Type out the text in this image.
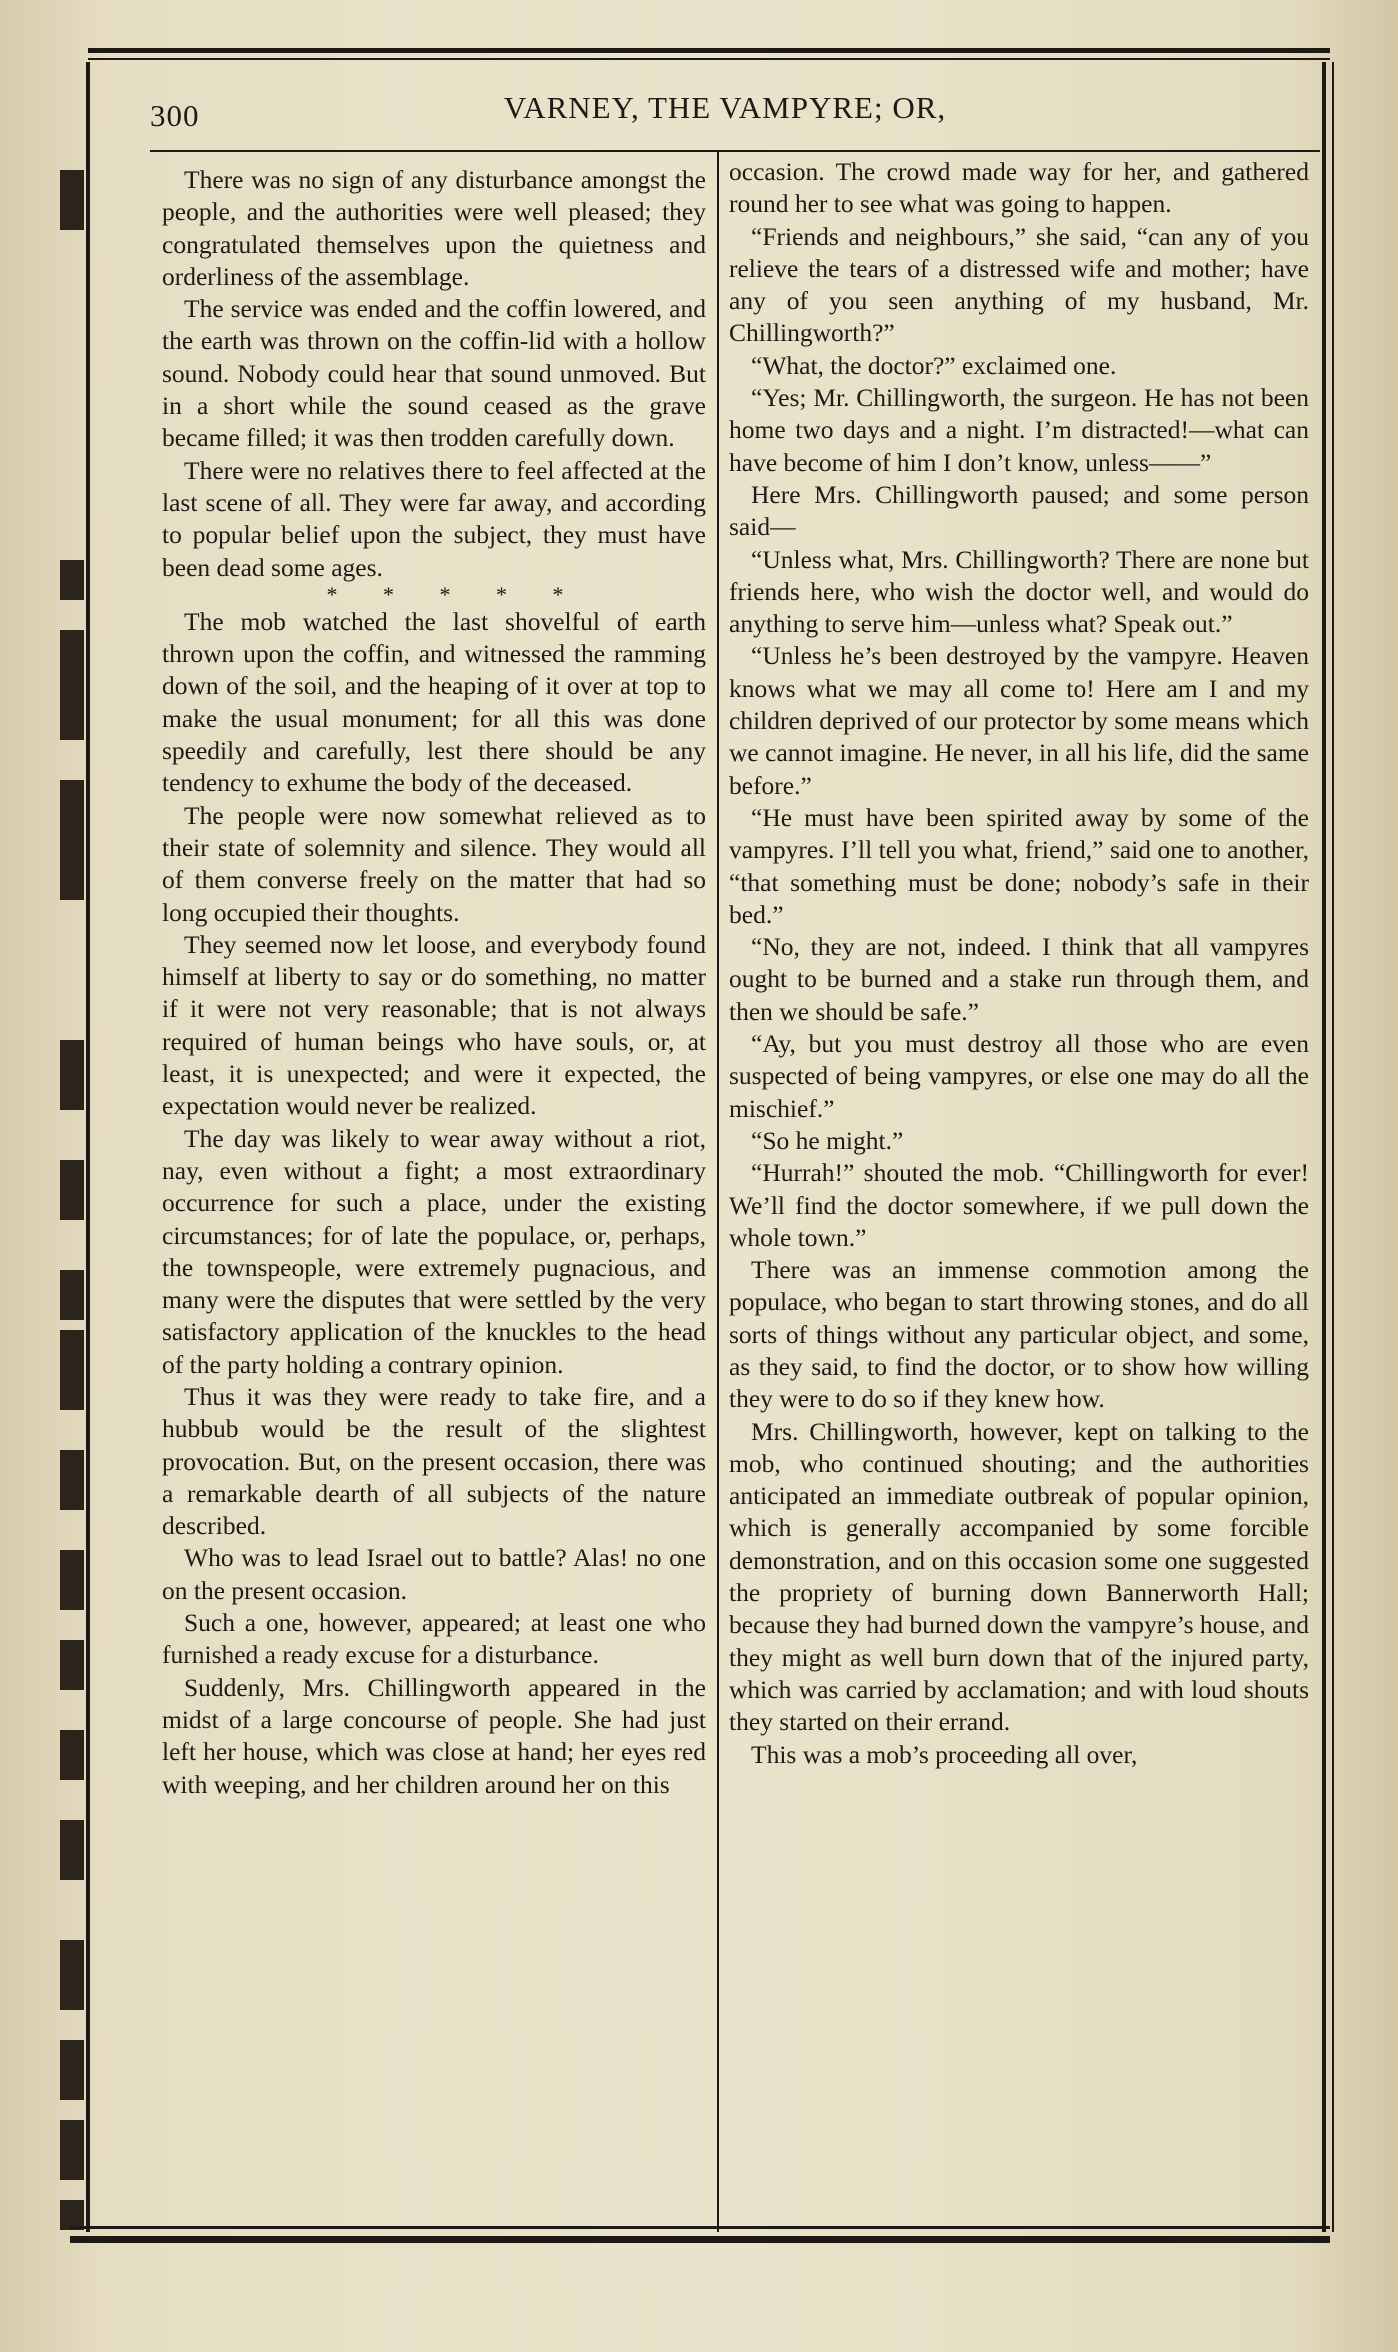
300	VARNEY, THE VAMPYRE; OR,

There was no sign of any disturbance amongst the people, and the authorities were well pleased; they congratulated themselves upon the quietness and orderliness of the assemblage.

The service was ended and the coffin lowered, and the earth was thrown on the coffin-lid with a hollow sound. Nobody could hear that sound unmoved. But in a short while the sound ceased as the grave became filled; it was then trodden carefully down.

There were no relatives there to feel affected at the last scene of all. They were far away, and according to popular belief upon the subject, they must have been dead some ages.

* * * * *

The mob watched the last shovelful of earth thrown upon the coffin, and witnessed the ramming down of the soil, and the heaping of it over at top to make the usual monument; for all this was done speedily and carefully, lest there should be any tendency to exhume the body of the deceased.

The people were now somewhat relieved as to their state of solemnity and silence. They would all of them converse freely on the matter that had so long occupied their thoughts.

They seemed now let loose, and everybody found himself at liberty to say or do something, no matter if it were not very reasonable; that is not always required of human beings who have souls, or, at least, it is unexpected; and were it expected, the expectation would never be realized.

The day was likely to wear away without a riot, nay, even without a fight; a most extraordinary occurrence for such a place, under the existing circumstances; for of late the populace, or, perhaps, the townspeople, were extremely pugnacious, and many were the disputes that were settled by the very satisfactory application of the knuckles to the head of the party holding a contrary opinion.

Thus it was they were ready to take fire, and a hubbub would be the result of the slightest provocation. But, on the present occasion, there was a remarkable dearth of all subjects of the nature described.

Who was to lead Israel out to battle? Alas! no one on the present occasion.

Such a one, however, appeared; at least one who furnished a ready excuse for a disturbance.

Suddenly, Mrs. Chillingworth appeared in the midst of a large concourse of people. She had just left her house, which was close at hand; her eyes red with weeping, and her children around her on this

occasion. The crowd made way for her, and gathered round her to see what was going to happen.

“Friends and neighbours,” she said, “can any of you relieve the tears of a distressed wife and mother; have any of you seen anything of my husband, Mr. Chillingworth?”

“What, the doctor?” exclaimed one.

“Yes; Mr. Chillingworth, the surgeon. He has not been home two days and a night. I’m distracted!—what can have become of him I don’t know, unless——”

Here Mrs. Chillingworth paused; and some person said—

“Unless what, Mrs. Chillingworth? There are none but friends here, who wish the doctor well, and would do anything to serve him—unless what? Speak out.”

“Unless he’s been destroyed by the vampyre. Heaven knows what we may all come to! Here am I and my children deprived of our protector by some means which we cannot imagine. He never, in all his life, did the same before.”

“He must have been spirited away by some of the vampyres. I’ll tell you what, friend,” said one to another, “that something must be done; nobody’s safe in their bed.”

“No, they are not, indeed. I think that all vampyres ought to be burned and a stake run through them, and then we should be safe.”

“Ay, but you must destroy all those who are even suspected of being vampyres, or else one may do all the mischief.”

“So he might.”

“Hurrah!” shouted the mob. “Chillingworth for ever! We’ll find the doctor somewhere, if we pull down the whole town.”

There was an immense commotion among the populace, who began to start throwing stones, and do all sorts of things without any particular object, and some, as they said, to find the doctor, or to show how willing they were to do so if they knew how.

Mrs. Chillingworth, however, kept on talking to the mob, who continued shouting; and the authorities anticipated an immediate outbreak of popular opinion, which is generally accompanied by some forcible demonstration, and on this occasion some one suggested the propriety of burning down Bannerworth Hall; because they had burned down the vampyre’s house, and they might as well burn down that of the injured party, which was carried by acclamation; and with loud shouts they started on their errand.

This was a mob’s proceeding all over,
